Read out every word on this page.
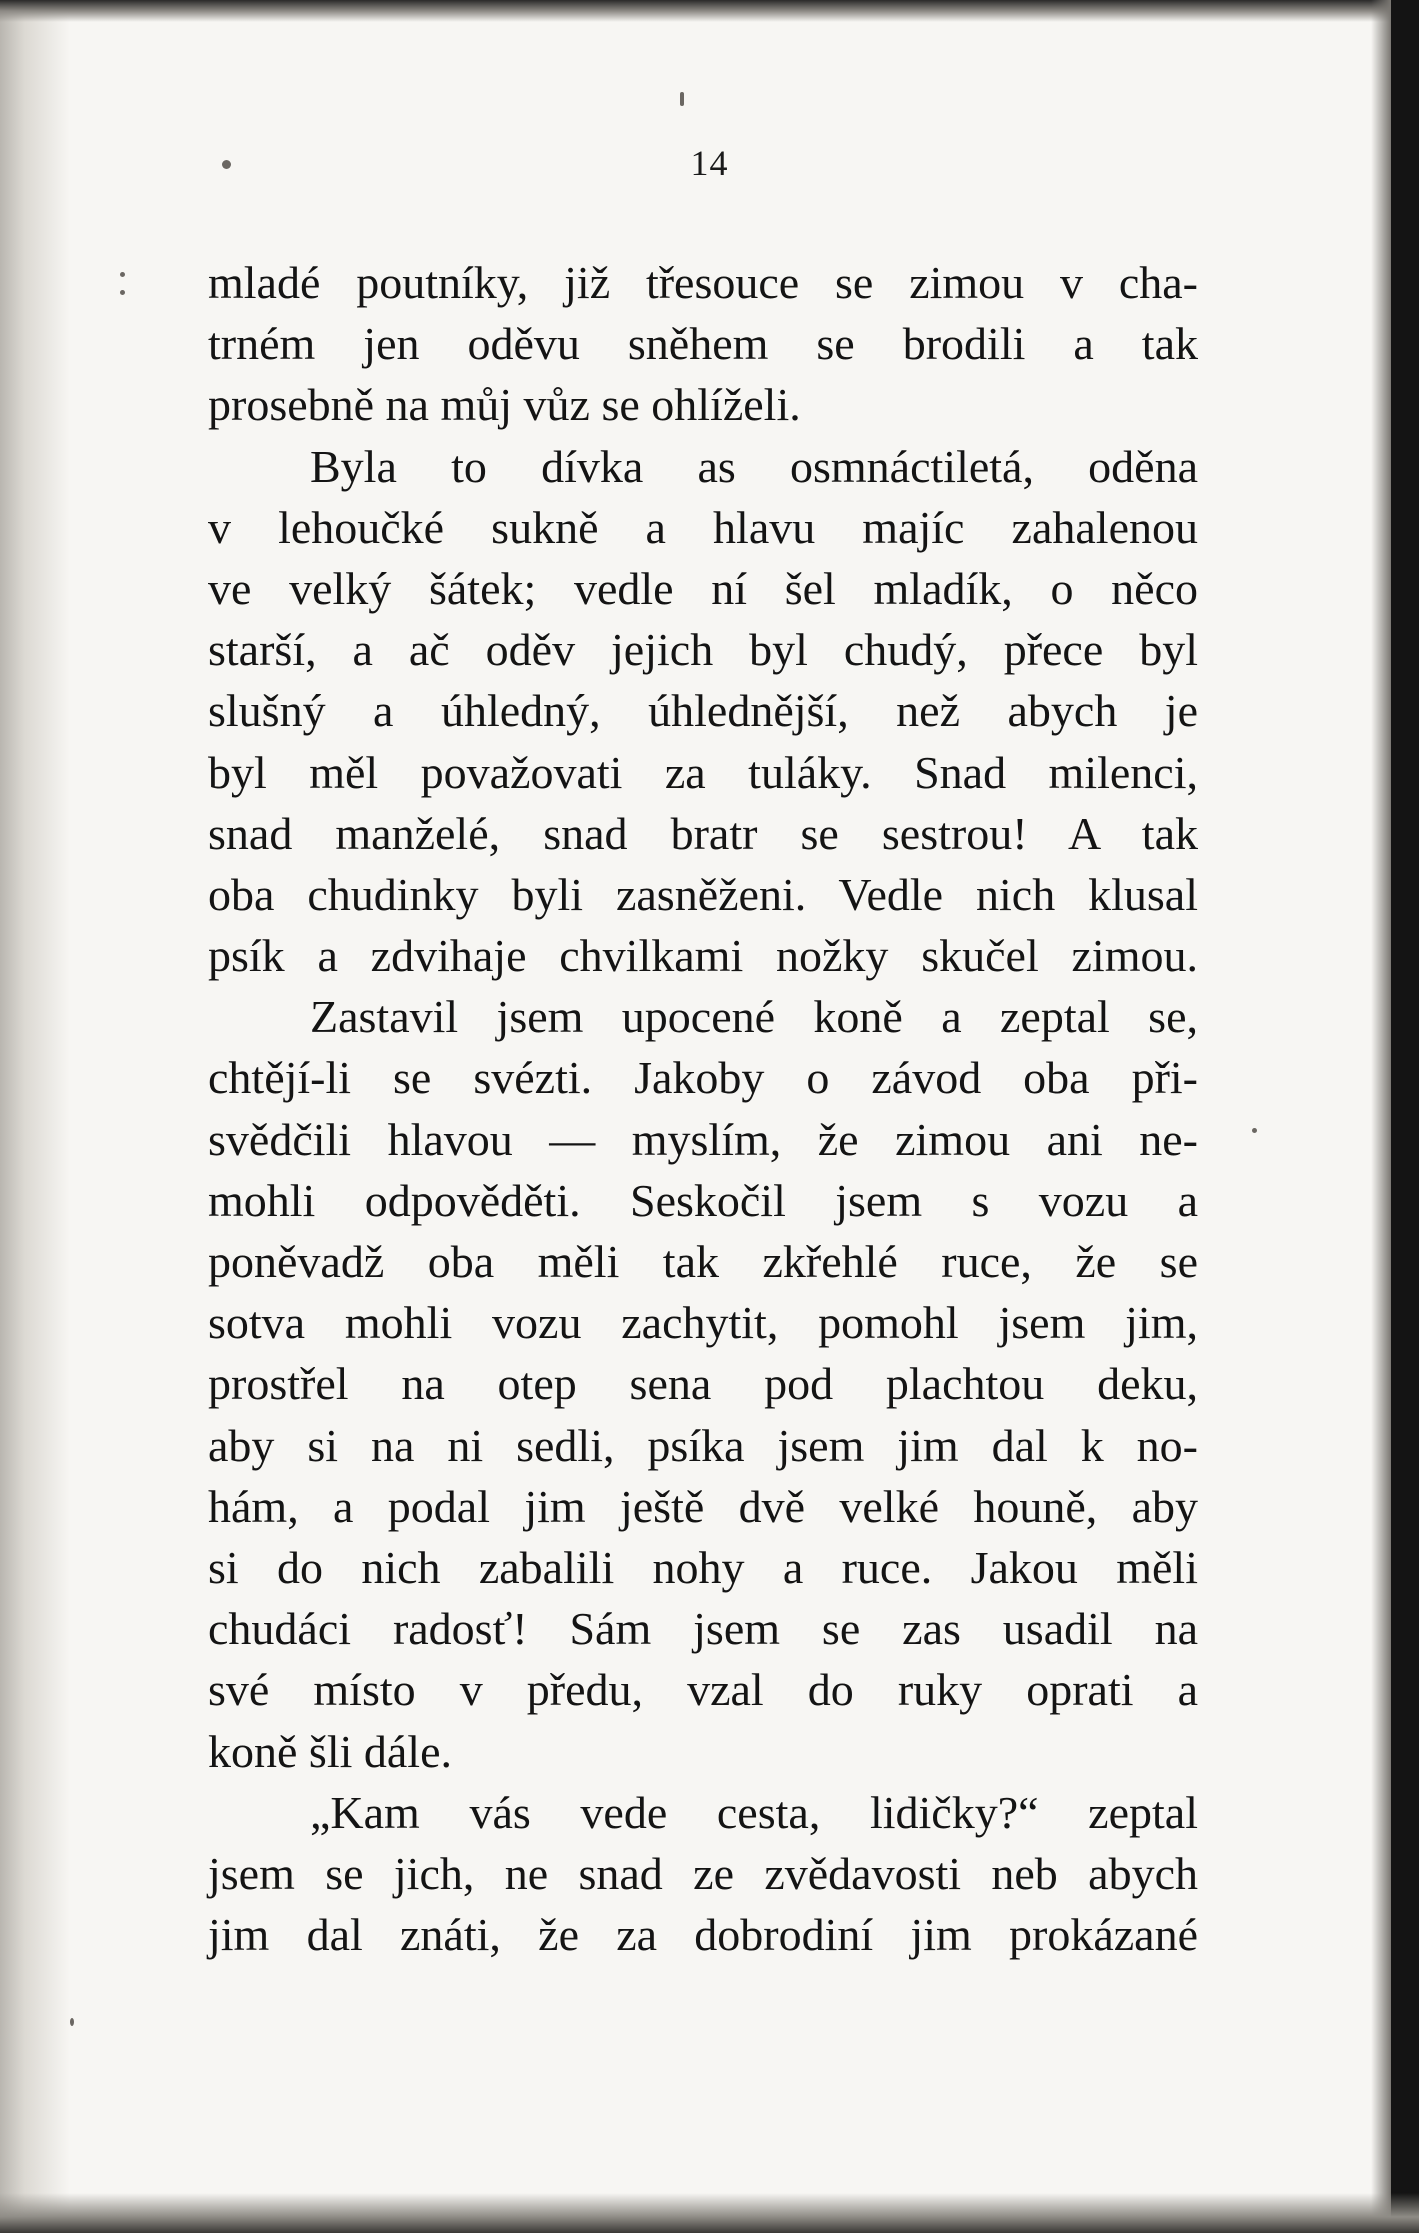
14
mladé poutníky, již třesouce se zimou v cha-
trném jen oděvu sněhem se brodili a tak
prosebně na můj vůz se ohlíželi.
Byla to dívka as osmnáctiletá, oděna
v lehoučké sukně a hlavu majíc zahalenou
ve velký šátek; vedle ní šel mladík, o něco
starší, a ač oděv jejich byl chudý, přece byl
slušný a úhledný, úhlednější, než abych je
byl měl považovati za tuláky. Snad milenci,
snad manželé, snad bratr se sestrou! A tak
oba chudinky byli zasněženi. Vedle nich klusal
psík a zdvihaje chvilkami nožky skučel zimou.
Zastavil jsem upocené koně a zeptal se,
chtějí-li se svézti. Jakoby o závod oba při-
svědčili hlavou — myslím, že zimou ani ne-
mohli odpověděti. Seskočil jsem s vozu a
poněvadž oba měli tak zkřehlé ruce, že se
sotva mohli vozu zachytit, pomohl jsem jim,
prostřel na otep sena pod plachtou deku,
aby si na ni sedli, psíka jsem jim dal k no-
hám, a podal jim ještě dvě velké houně, aby
si do nich zabalili nohy a ruce. Jakou měli
chudáci radosť! Sám jsem se zas usadil na
své místo v předu, vzal do ruky oprati a
koně šli dále.
„Kam vás vede cesta, lidičky?“ zeptal
jsem se jich, ne snad ze zvědavosti neb abych
jim dal znáti, že za dobrodiní jim prokázané
